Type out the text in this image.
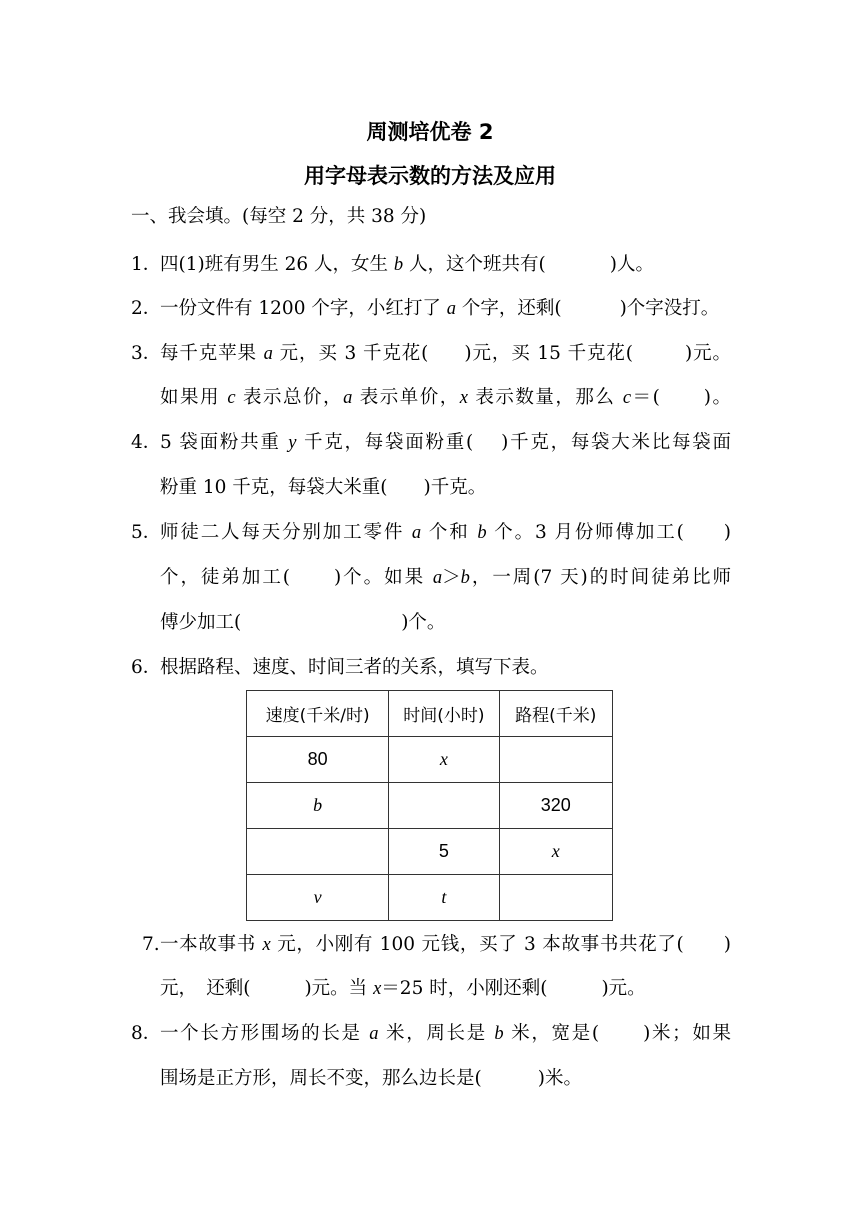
周测培优卷 2
用字母表示数的方法及应用
一、我会填。(每空 2 分，共 38 分)
1．
四(1)班有男生 26 人，女生 b 人，这个班共有(	)人。
2．
一份文件有 1200 个字，小红打了 a 个字，还剩(	)个字没打。
3．
每千克苹果 a 元，买 3 千克花( )元，买 15 千克花(	)元。
如果用 c 表示总价，a 表示单价，x 表示数量，那么 c＝( )。
4．
5 袋面粉共重 y 千克，每袋面粉重( )千克，每袋大米比每袋面
粉重 10 千克，每袋大米重( )千克。
5．
师徒二人每天分别加工零件 a 个和 b 个。3 月份师傅加工( )
个，徒弟加工( )个。如果 a＞b，一周(7 天)的时间徒弟比师
傅少加工(	)个。
6．
根据路程、速度、时间三者的关系，填写下表。
速度(千米/时)	时间(小时)	路程(千米)
80	x	
b		320
	5	x
v	t	
7. 一本故事书 x 元，小刚有 100 元钱，买了 3 本故事书共花了( )
元，　还剩(	)元。当 x＝25 时，小刚还剩(	)元。
8．
一个长方形围场的长是 a 米，周长是 b 米，宽是( )米；如果
围场是正方形，周长不变，那么边长是(	)米。
